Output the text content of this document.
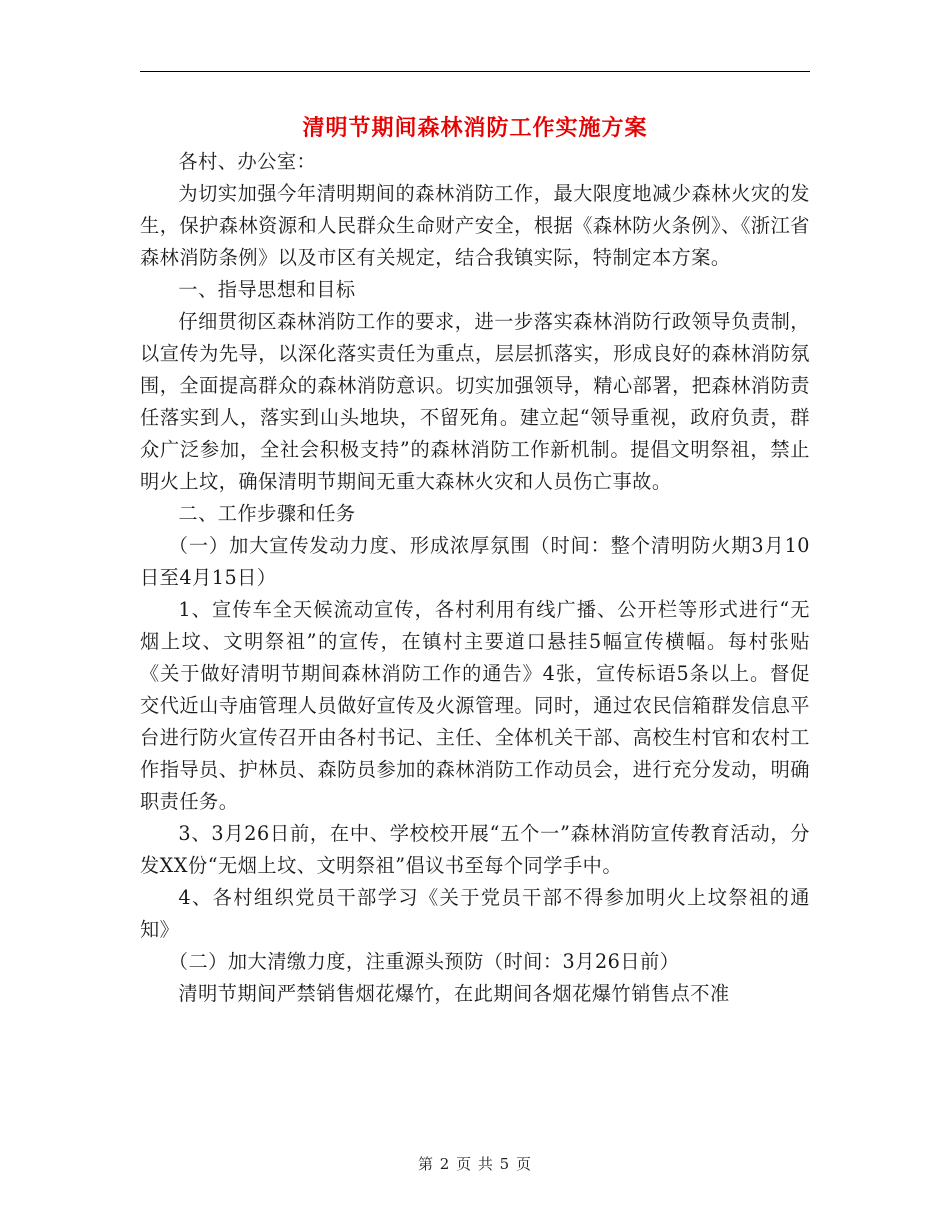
清明节期间森林消防工作实施方案

各村、办公室：

为切实加强今年清明期间的森林消防工作，最大限度地减少森林火灾的发生，保护森林资源和人民群众生命财产安全，根据《森林防火条例》、《浙江省森林消防条例》以及市区有关规定，结合我镇实际，特制定本方案。

一、指导思想和目标

仔细贯彻区森林消防工作的要求，进一步落实森林消防行政领导负责制，以宣传为先导，以深化落实责任为重点，层层抓落实，形成良好的森林消防氛围，全面提高群众的森林消防意识。切实加强领导，精心部署，把森林消防责任落实到人，落实到山头地块，不留死角。建立起“领导重视，政府负责，群众广泛参加，全社会积极支持”的森林消防工作新机制。提倡文明祭祖，禁止明火上坟，确保清明节期间无重大森林火灾和人员伤亡事故。

二、工作步骤和任务

（一）加大宣传发动力度、形成浓厚氛围（时间：整个清明防火期3月10日至4月15日）

1、宣传车全天候流动宣传，各村利用有线广播、公开栏等形式进行“无烟上坟、文明祭祖”的宣传，在镇村主要道口悬挂5幅宣传横幅。每村张贴《关于做好清明节期间森林消防工作的通告》4张，宣传标语5条以上。督促交代近山寺庙管理人员做好宣传及火源管理。同时，通过农民信箱群发信息平台进行防火宣传召开由各村书记、主任、全体机关干部、高校生村官和农村工作指导员、护林员、森防员参加的森林消防工作动员会，进行充分发动，明确职责任务。

3、3月26日前，在中、学校校开展“五个一”森林消防宣传教育活动，分发XX份“无烟上坟、文明祭祖”倡议书至每个同学手中。

4、各村组织党员干部学习《关于党员干部不得参加明火上坟祭祖的通知》

（二）加大清缴力度，注重源头预防（时间：3月26日前）

清明节期间严禁销售烟花爆竹，在此期间各烟花爆竹销售点不准

第 2 页 共 5 页
